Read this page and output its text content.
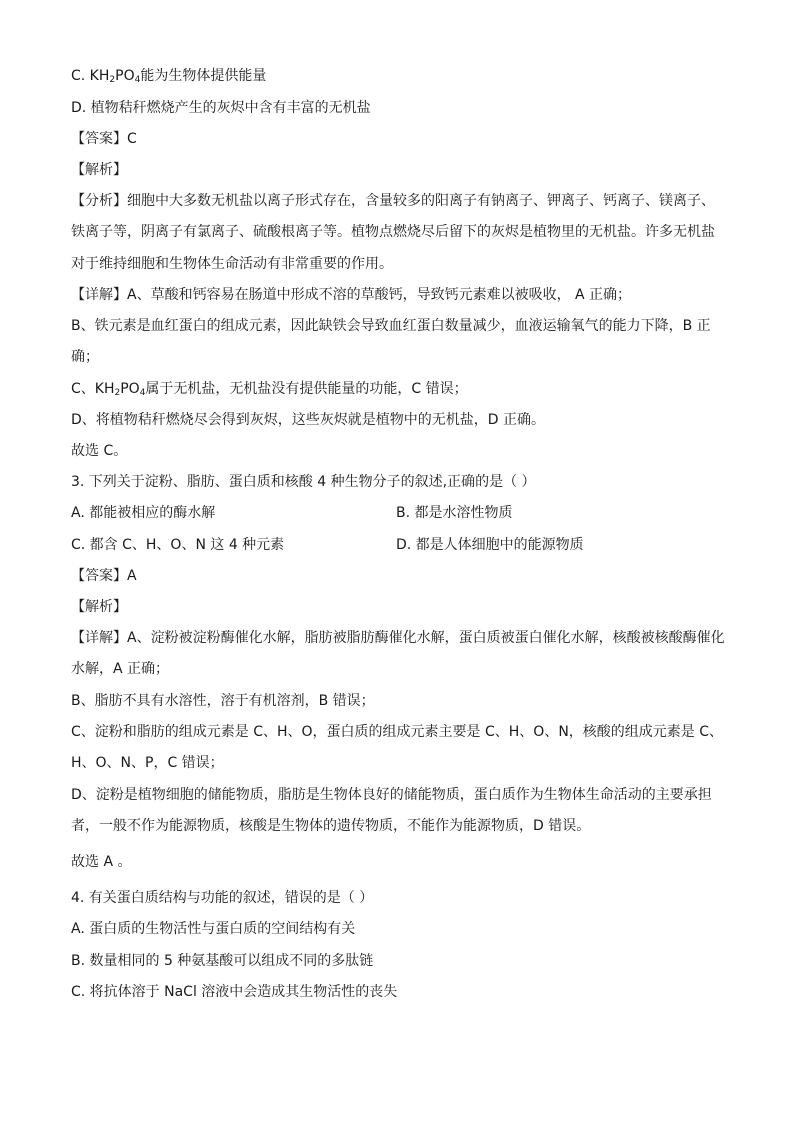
C. $KH_2PO_4$能为生物体提供能量
D. 植物秸秆燃烧产生的灰烬中含有丰富的无机盐
【答案】C
【解析】
【分析】细胞中大多数无机盐以离子形式存在，含量较多的阳离子有钠离子、钾离子、钙离子、镁离子、
铁离子等，阴离子有氯离子、硫酸根离子等。植物点燃烧尽后留下的灰烬是植物里的无机盐。许多无机盐
对于维持细胞和生物体生命活动有非常重要的作用。
【详解】A、草酸和钙容易在肠道中形成不溶的草酸钙，导致钙元素难以被吸收， A 正确；
B、铁元素是血红蛋白的组成元素，因此缺铁会导致血红蛋白数量减少，血液运输氧气的能力下降，B 正
确；
C、$KH_2PO_4$属于无机盐，无机盐没有提供能量的功能，C 错误；
D、将植物秸秆燃烧尽会得到灰烬，这些灰烬就是植物中的无机盐，D 正确。
故选 C。
3. 下列关于淀粉、脂肪、蛋白质和核酸 4 种生物分子的叙述,正确的是（ ）
A. 都能被相应的酶水解	B. 都是水溶性物质
C. 都含 C、H、O、N 这 4 种元素	D. 都是人体细胞中的能源物质
【答案】A
【解析】
【详解】A、淀粉被淀粉酶催化水解，脂肪被脂肪酶催化水解，蛋白质被蛋白催化水解，核酸被核酸酶催化
水解，A 正确；
B、脂肪不具有水溶性，溶于有机溶剂，B 错误；
C、淀粉和脂肪的组成元素是 C、H、O，蛋白质的组成元素主要是 C、H、O、N，核酸的组成元素是 C、
H、O、N、P，C 错误；
D、淀粉是植物细胞的储能物质，脂肪是生物体良好的储能物质，蛋白质作为生物体生命活动的主要承担
者，一般不作为能源物质，核酸是生物体的遗传物质，不能作为能源物质，D 错误。
故选 A 。
4. 有关蛋白质结构与功能的叙述，错误的是（ ）
A. 蛋白质的生物活性与蛋白质的空间结构有关
B. 数量相同的 5 种氨基酸可以组成不同的多肽链
C. 将抗体溶于 NaCl 溶液中会造成其生物活性的丧失
